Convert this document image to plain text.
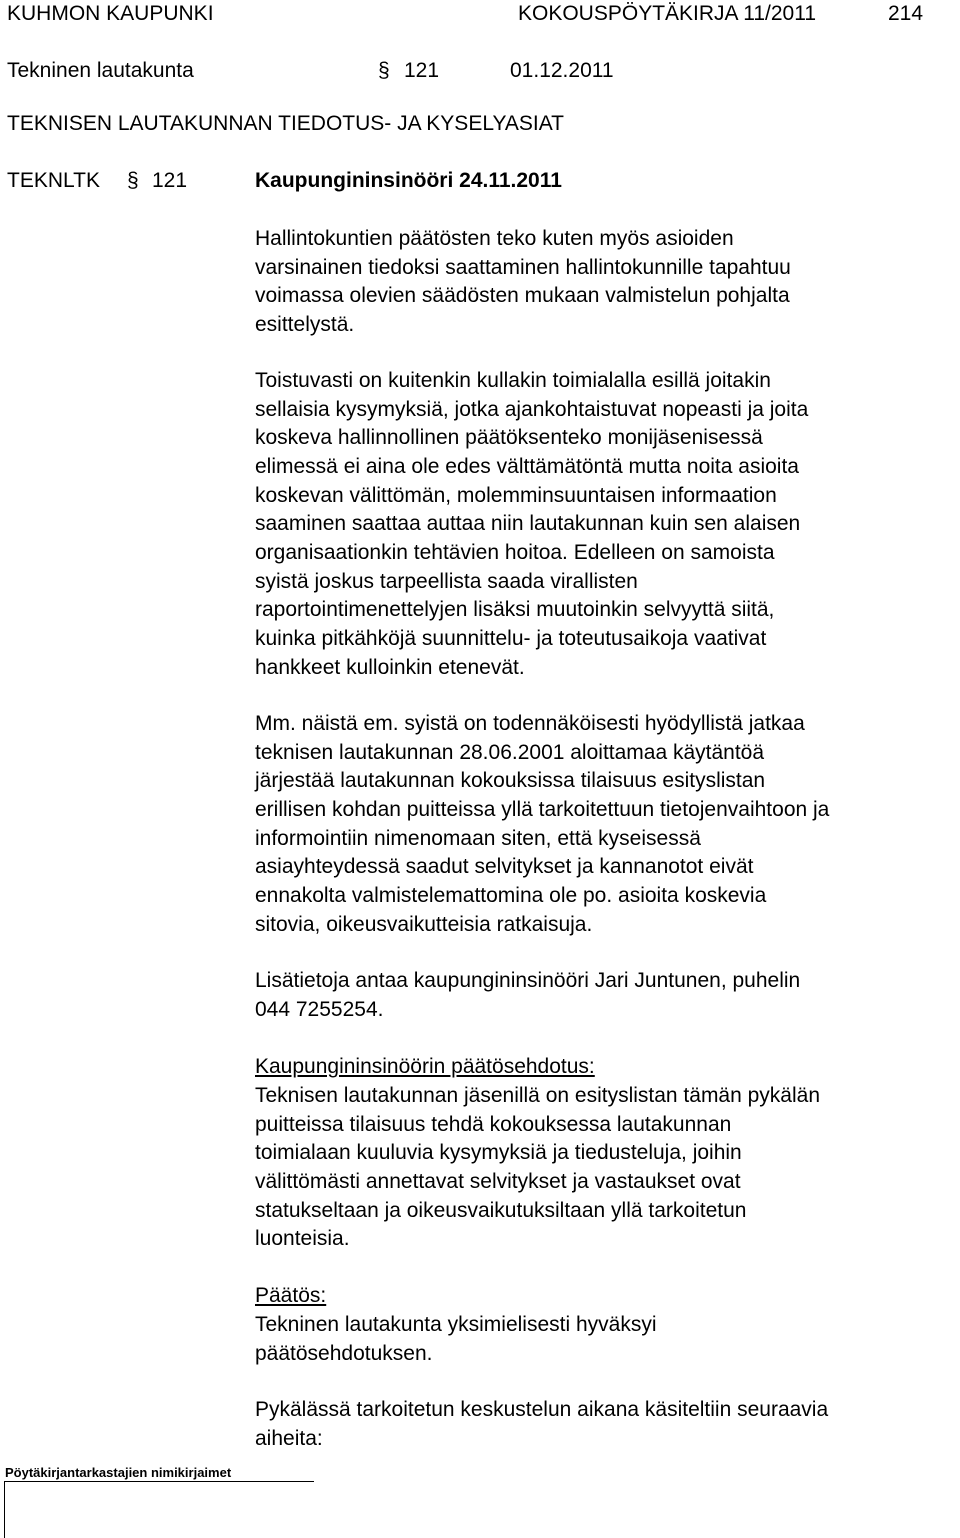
KUHMON KAUPUNKI	KOKOUSPÖYTÄKIRJA 11/2011	214
Tekninen lautakunta	§ 121	01.12.2011
TEKNISEN LAUTAKUNNAN TIEDOTUS- JA KYSELYASIAT
TEKNLTK § 121	Kaupungininsinööri 24.11.2011

Hallintokuntien päätösten teko kuten myös asioiden
varsinainen tiedoksi saattaminen hallintokunnille tapahtuu
voimassa olevien säädösten mukaan valmistelun pohjalta
esittelystä.

Toistuvasti on kuitenkin kullakin toimialalla esillä joitakin
sellaisia kysymyksiä, jotka ajankohtaistuvat nopeasti ja joita
koskeva hallinnollinen päätöksenteko monijäsenisessä
elimessä ei aina ole edes välttämätöntä mutta noita asioita
koskevan välittömän, molemminsuuntaisen informaation
saaminen saattaa auttaa niin lautakunnan kuin sen alaisen
organisaationkin tehtävien hoitoa. Edelleen on samoista
syistä joskus tarpeellista saada virallisten
raportointimenettelyjen lisäksi muutoinkin selvyyttä siitä,
kuinka pitkähköjä suunnittelu- ja toteutusaikoja vaativat
hankkeet kulloinkin etenevät.

Mm. näistä em. syistä on todennäköisesti hyödyllistä jatkaa
teknisen lautakunnan 28.06.2001 aloittamaa käytäntöä
järjestää lautakunnan kokouksissa tilaisuus esityslistan
erillisen kohdan puitteissa yllä tarkoitettuun tietojenvaihtoon ja
informointiin nimenomaan siten, että kyseisessä
asiayhteydessä saadut selvitykset ja kannanotot eivät
ennakolta valmistelemattomina ole po. asioita koskevia
sitovia, oikeusvaikutteisia ratkaisuja.

Lisätietoja antaa kaupungininsinööri Jari Juntunen, puhelin
044 7255254.

Kaupungininsinöörin päätösehdotus:

Teknisen lautakunnan jäsenillä on esityslistan tämän pykälän
puitteissa tilaisuus tehdä kokouksessa lautakunnan
toimialaan kuuluvia kysymyksiä ja tiedusteluja, joihin
välittömästi annettavat selvitykset ja vastaukset ovat
statukseltaan ja oikeusvaikutuksiltaan yllä tarkoitetun
luonteisia.

Päätös:

Tekninen lautakunta yksimielisesti hyväksyi
päätösehdotuksen.

Pykälässä tarkoitetun keskustelun aikana käsiteltiin seuraavia
aiheita:

Pöytäkirjantarkastajien nimikirjaimet
